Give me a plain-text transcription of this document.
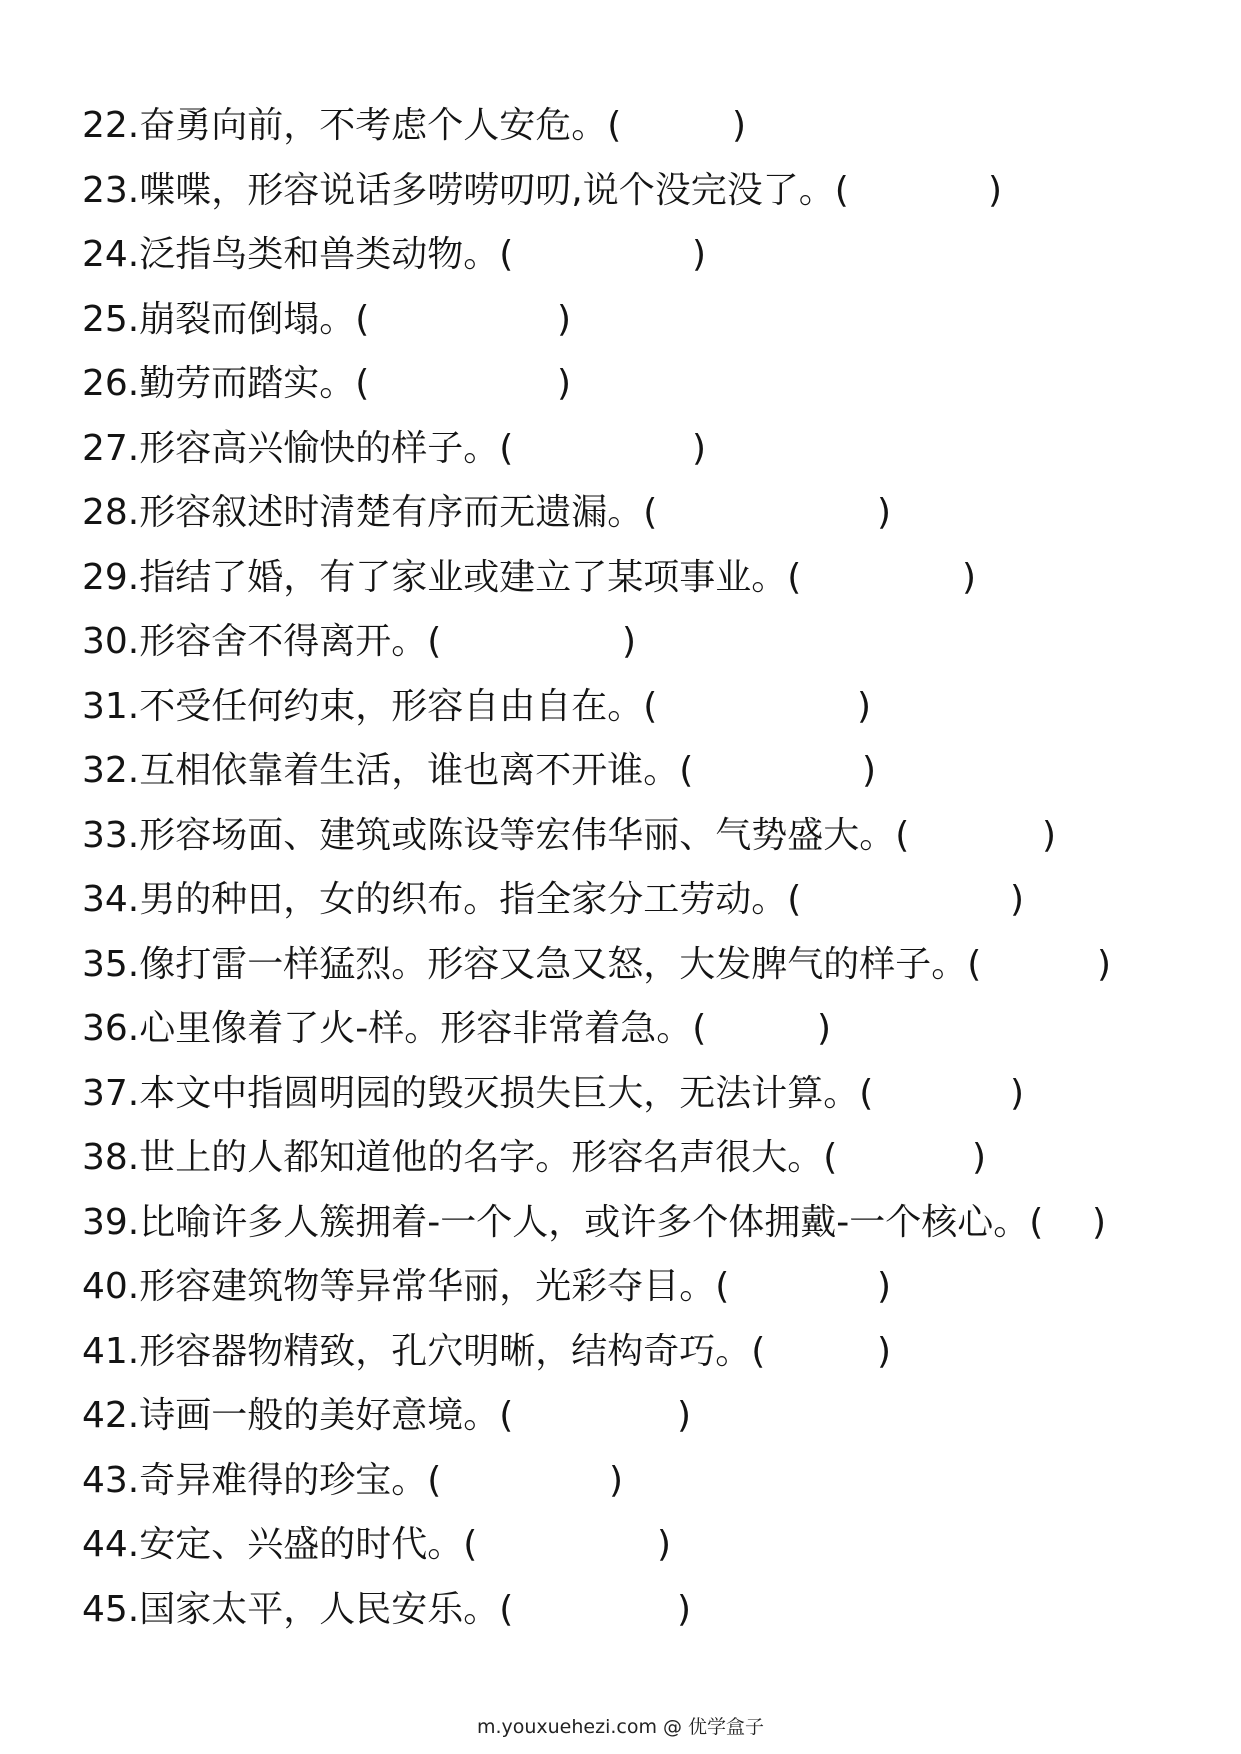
22.奋勇向前，不考虑个人安危。(	)
23.喋喋，形容说话多唠唠叨叨,说个没完没了。(	)
24.泛指鸟类和兽类动物。(	)
25.崩裂而倒塌。(	)
26.勤劳而踏实。(	)
27.形容高兴愉快的样子。(	)
28.形容叙述时清楚有序而无遗漏。(	)
29.指结了婚，有了家业或建立了某项事业。(	)
30.形容舍不得离开。(	)
31.不受任何约束，形容自由自在。(	)
32.互相依靠着生活，谁也离不开谁。(	)
33.形容场面、建筑或陈设等宏伟华丽、气势盛大。(	)
34.男的种田，女的织布。指全家分工劳动。(	)
35.像打雷一样猛烈。形容又急又怒，大发脾气的样子。(	)
36.心里像着了火-样。形容非常着急。(	)
37.本文中指圆明园的毁灭损失巨大，无法计算。(	)
38.世上的人都知道他的名字。形容名声很大。(	)
39.比喻许多人簇拥着-一个人，或许多个体拥戴-一个核心。( )
40.形容建筑物等异常华丽，光彩夺目。(	)
41.形容器物精致，孔穴明晰，结构奇巧。(	)
42.诗画一般的美好意境。(	)
43.奇异难得的珍宝。(	)
44.安定、兴盛的时代。(	)
45.国家太平，人民安乐。(	)
m.youxuehezi.com @ 优学盒子
